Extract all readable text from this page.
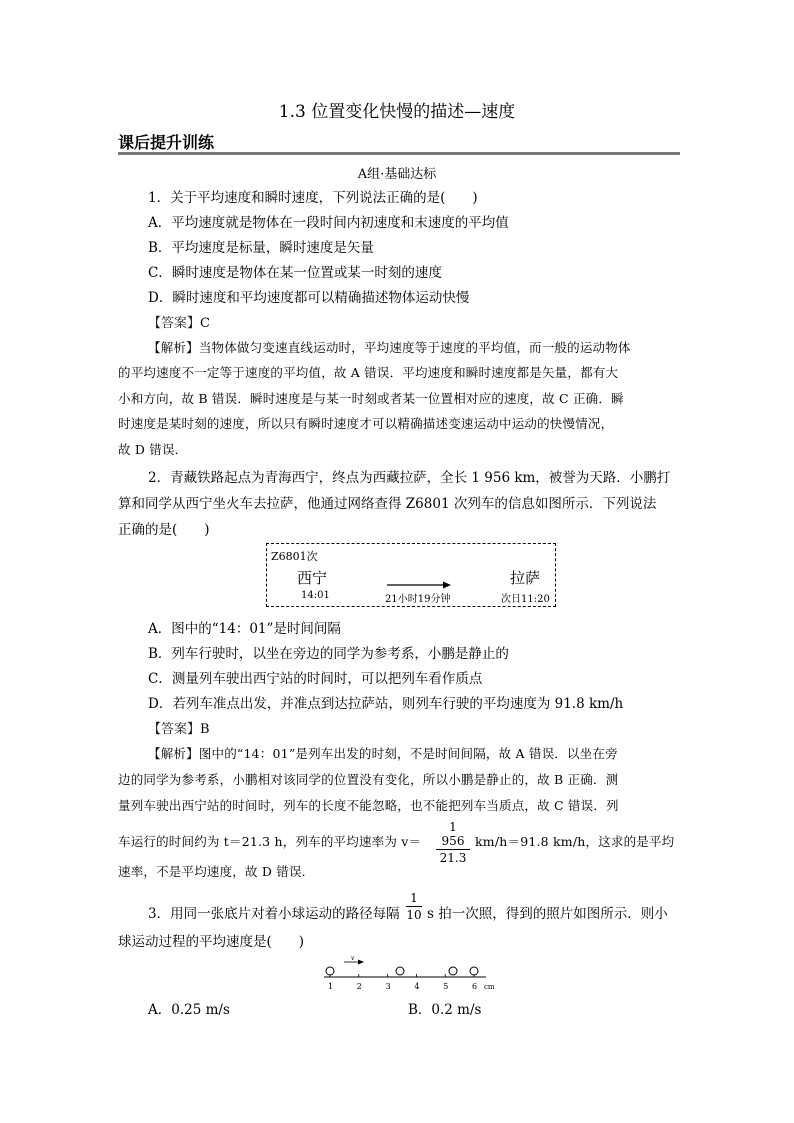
1.3 位置变化快慢的描述—速度
课后提升训练
A组·基础达标
1．关于平均速度和瞬时速度，下列说法正确的是(　　)
A．平均速度就是物体在一段时间内初速度和末速度的平均值
B．平均速度是标量，瞬时速度是矢量
C．瞬时速度是物体在某一位置或某一时刻的速度
D．瞬时速度和平均速度都可以精确描述物体运动快慢
【答案】C
【解析】当物体做匀变速直线运动时，平均速度等于速度的平均值，而一般的运动物体
的平均速度不一定等于速度的平均值，故 A 错误．平均速度和瞬时速度都是矢量，都有大
小和方向，故 B 错误．瞬时速度是与某一时刻或者某一位置相对应的速度，故 C 正确．瞬
时速度是某时刻的速度，所以只有瞬时速度才可以精确描述变速运动中运动的快慢情况，
故 D 错误．
2．青藏铁路起点为青海西宁，终点为西藏拉萨，全长 1 956 km，被誉为天路．小鹏打
算和同学从西宁坐火车去拉萨，他通过网络查得 Z6801 次列车的信息如图所示．下列说法
正确的是(　　)
Z6801次
西宁
14:01	21小时19分钟
拉萨
次日11:20
A．图中的“14：01”是时间间隔
B．列车行驶时，以坐在旁边的同学为参考系，小鹏是静止的
C．测量列车驶出西宁站的时间时，可以把列车看作质点
D．若列车准点出发，并准点到达拉萨站，则列车行驶的平均速度为 91.8 km/h
【答案】B
【解析】图中的“14：01”是列车出发的时刻，不是时间间隔，故 A 错误．以坐在旁
边的同学为参考系，小鹏相对该同学的位置没有变化，所以小鹏是静止的，故 B 正确．测
量列车驶出西宁站的时间时，列车的长度不能忽略，也不能把列车当质点，故 C 错误．列
车运行的时间约为 t＝21.3 h，列车的平均速率为 v＝
1 956
21.3
km/h＝91.8 km/h，这求的是平均
速率，不是平均速度，故 D 错误．
3．用同一张底片对着小球运动的路径每隔
1
10 s 拍一次照，得到的照片如图所示．则小
球运动过程的平均速度是(　　)
v
1	2	3	4	5	6 cm
A．0.25 m/s	B．0.2 m/s
